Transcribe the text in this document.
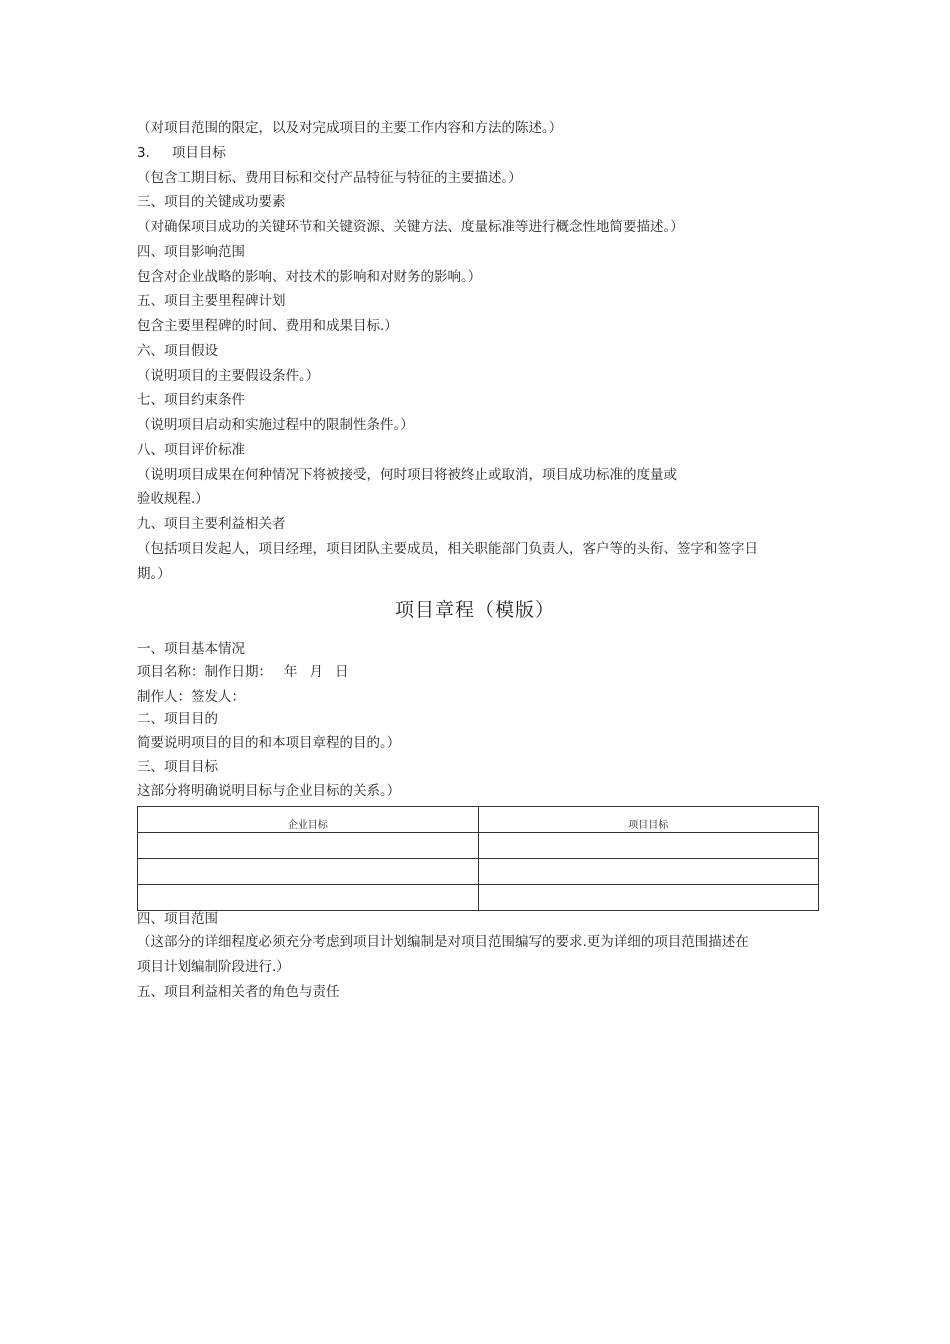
（对项目范围的限定，以及对完成项目的主要工作内容和方法的陈述。）
3. 项目目标
（包含工期目标、费用目标和交付产品特征与特征的主要描述。）
三、项目的关键成功要素
（对确保项目成功的关键环节和关键资源、关键方法、度量标准等进行概念性地简要描述。）
四、项目影响范围
包含对企业战略的影响、对技术的影响和对财务的影响。）
五、项目主要里程碑计划
包含主要里程碑的时间、费用和成果目标.）
六、项目假设
（说明项目的主要假设条件。）
七、项目约束条件
（说明项目启动和实施过程中的限制性条件。）
八、项目评价标准
（说明项目成果在何种情况下将被接受，何时项目将被终止或取消，项目成功标准的度量或
验收规程.）
九、项目主要利益相关者
（包括项目发起人，项目经理，项目团队主要成员，相关职能部门负责人，客户等的头衔、签字和签字日
期。）
项目章程（模版）
一、项目基本情况
项目名称：制作日期： 年 月 日
制作人：签发人：
二、项目目的
简要说明项目的目的和本项目章程的目的。）
三、项目目标
这部分将明确说明目标与企业目标的关系。）
企业目标	项目目标

四、项目范围
（这部分的详细程度必须充分考虑到项目计划编制是对项目范围编写的要求.更为详细的项目范围描述在
项目计划编制阶段进行.）
五、项目利益相关者的角色与责任
